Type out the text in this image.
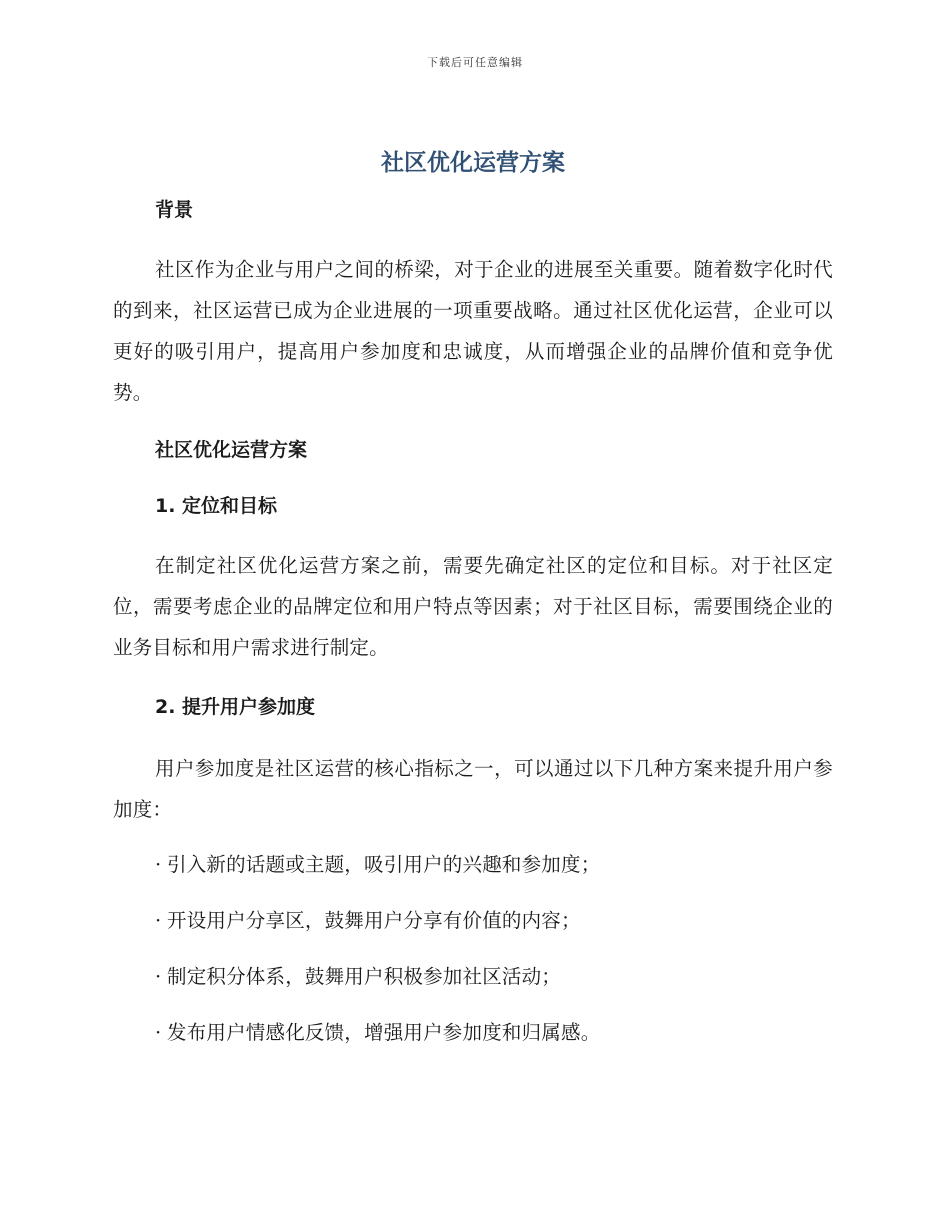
下载后可任意编辑
社区优化运营方案
背景

社区作为企业与用户之间的桥梁，对于企业的进展至关重要。随着数字化时代的到来，社区运营已成为企业进展的一项重要战略。通过社区优化运营，企业可以更好的吸引用户，提高用户参加度和忠诚度，从而增强企业的品牌价值和竞争优势。

社区优化运营方案
1. 定位和目标

在制定社区优化运营方案之前，需要先确定社区的定位和目标。对于社区定位，需要考虑企业的品牌定位和用户特点等因素；对于社区目标，需要围绕企业的业务目标和用户需求进行制定。

2. 提升用户参加度

用户参加度是社区运营的核心指标之一，可以通过以下几种方案来提升用户参加度：

· 引入新的话题或主题，吸引用户的兴趣和参加度；
· 开设用户分享区，鼓舞用户分享有价值的内容；
· 制定积分体系，鼓舞用户积极参加社区活动；
· 发布用户情感化反馈，增强用户参加度和归属感。
